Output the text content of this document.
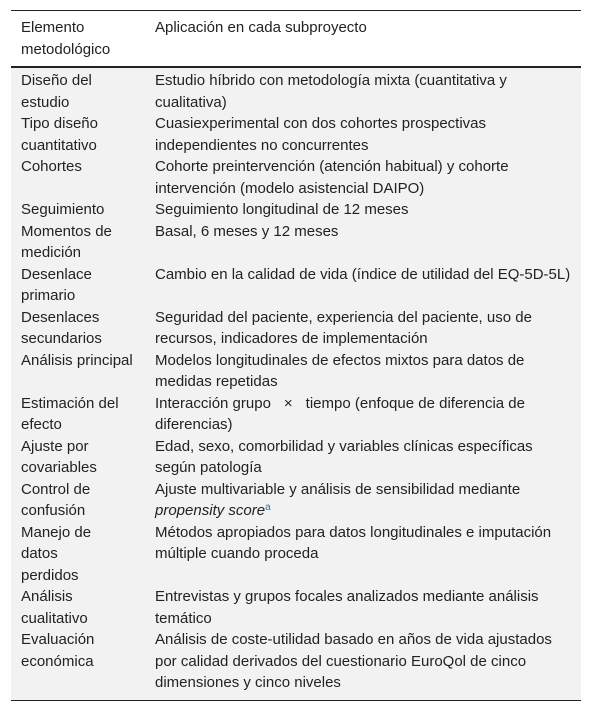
Elemento metodológico	Aplicación en cada subproyecto
Diseño del estudio	Estudio híbrido con metodología mixta (cuantitativa y cualitativa)
Tipo diseño cuantitativo	Cuasiexperimental con dos cohortes prospectivas independientes no concurrentes
Cohortes	Cohorte preintervención (atención habitual) y cohorte intervención (modelo asistencial DAIPO)
Seguimiento	Seguimiento longitudinal de 12 meses
Momentos de medición	Basal, 6 meses y 12 meses
Desenlace primario	Cambio en la calidad de vida (índice de utilidad del EQ-5D-5L)
Desenlaces secundarios	Seguridad del paciente, experiencia del paciente, uso de recursos, indicadores de implementación
Análisis principal	Modelos longitudinales de efectos mixtos para datos de medidas repetidas
Estimación del efecto	Interacción grupo × tiempo (enfoque de diferencia de diferencias)
Ajuste por covariables	Edad, sexo, comorbilidad y variables clínicas específicas según patología
Control de confusión	Ajuste multivariable y análisis de sensibilidad mediante propensity score$^a$
Manejo de datos perdidos	Métodos apropiados para datos longitudinales e imputación múltiple cuando proceda
Análisis cualitativo	Entrevistas y grupos focales analizados mediante análisis temático
Evaluación económica	Análisis de coste-utilidad basado en años de vida ajustados por calidad derivados del cuestionario EuroQol de cinco dimensiones y cinco niveles
